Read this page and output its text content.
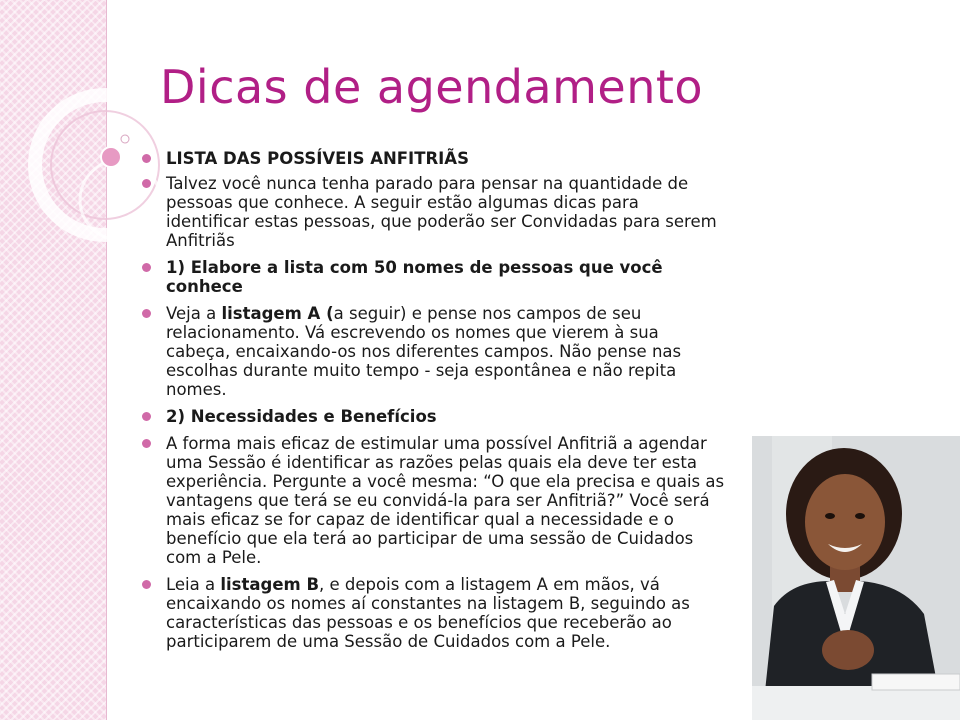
Dicas de agendamento
LISTA DAS POSSÍVEIS ANFITRIÃS
Talvez você nunca tenha parado para pensar na quantidade de pessoas que conhece. A seguir estão algumas dicas para identificar estas pessoas, que poderão ser Convidadas para serem Anfitriãs
1) Elabore a lista com 50 nomes de pessoas que você conhece
Veja a listagem A (a seguir) e pense nos campos de seu relacionamento. Vá escrevendo os nomes que vierem à sua cabeça, encaixando-os nos diferentes campos. Não pense nas escolhas durante muito tempo - seja espontânea e não repita nomes.
2) Necessidades e Benefícios
A forma mais eficaz de estimular uma possível Anfitriã a agendar uma Sessão é identificar as razões pelas quais ela deve ter esta experiência. Pergunte a você mesma: “O que ela precisa e quais as vantagens que terá se eu convidá-la para ser Anfitriã?” Você será mais eficaz se for capaz de identificar qual a necessidade e o benefício que ela terá ao participar de uma sessão de Cuidados com a Pele.
Leia a listagem B, e depois com a listagem A em mãos, vá encaixando os nomes aí constantes na listagem B, seguindo as características das pessoas e os benefícios que receberão ao participarem de uma Sessão de Cuidados com a Pele.
